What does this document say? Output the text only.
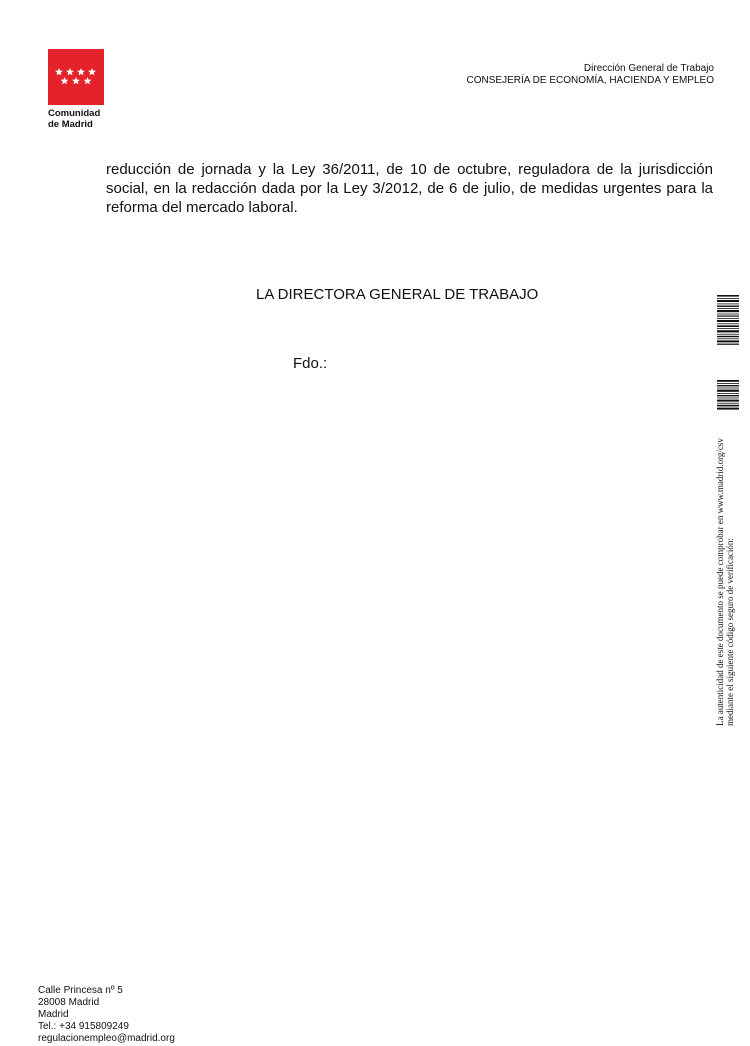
Comunidad
de Madrid
Dirección General de Trabajo
CONSEJERÍA DE ECONOMÍA, HACIENDA Y EMPLEO
reducción de jornada y la Ley 36/2011, de 10 de octubre, reguladora de la jurisdicción social, en la redacción dada por la Ley 3/2012, de 6 de julio, de medidas urgentes para la reforma del mercado laboral.
LA DIRECTORA GENERAL DE TRABAJO
Fdo.:
La autenticidad de este documento se puede comprobar en www.madrid.org/csv mediante el siguiente código seguro de verificación:
Calle Princesa nº 5
28008 Madrid
Madrid
Tel.: +34 915809249
regulacionempleo@madrid.org
